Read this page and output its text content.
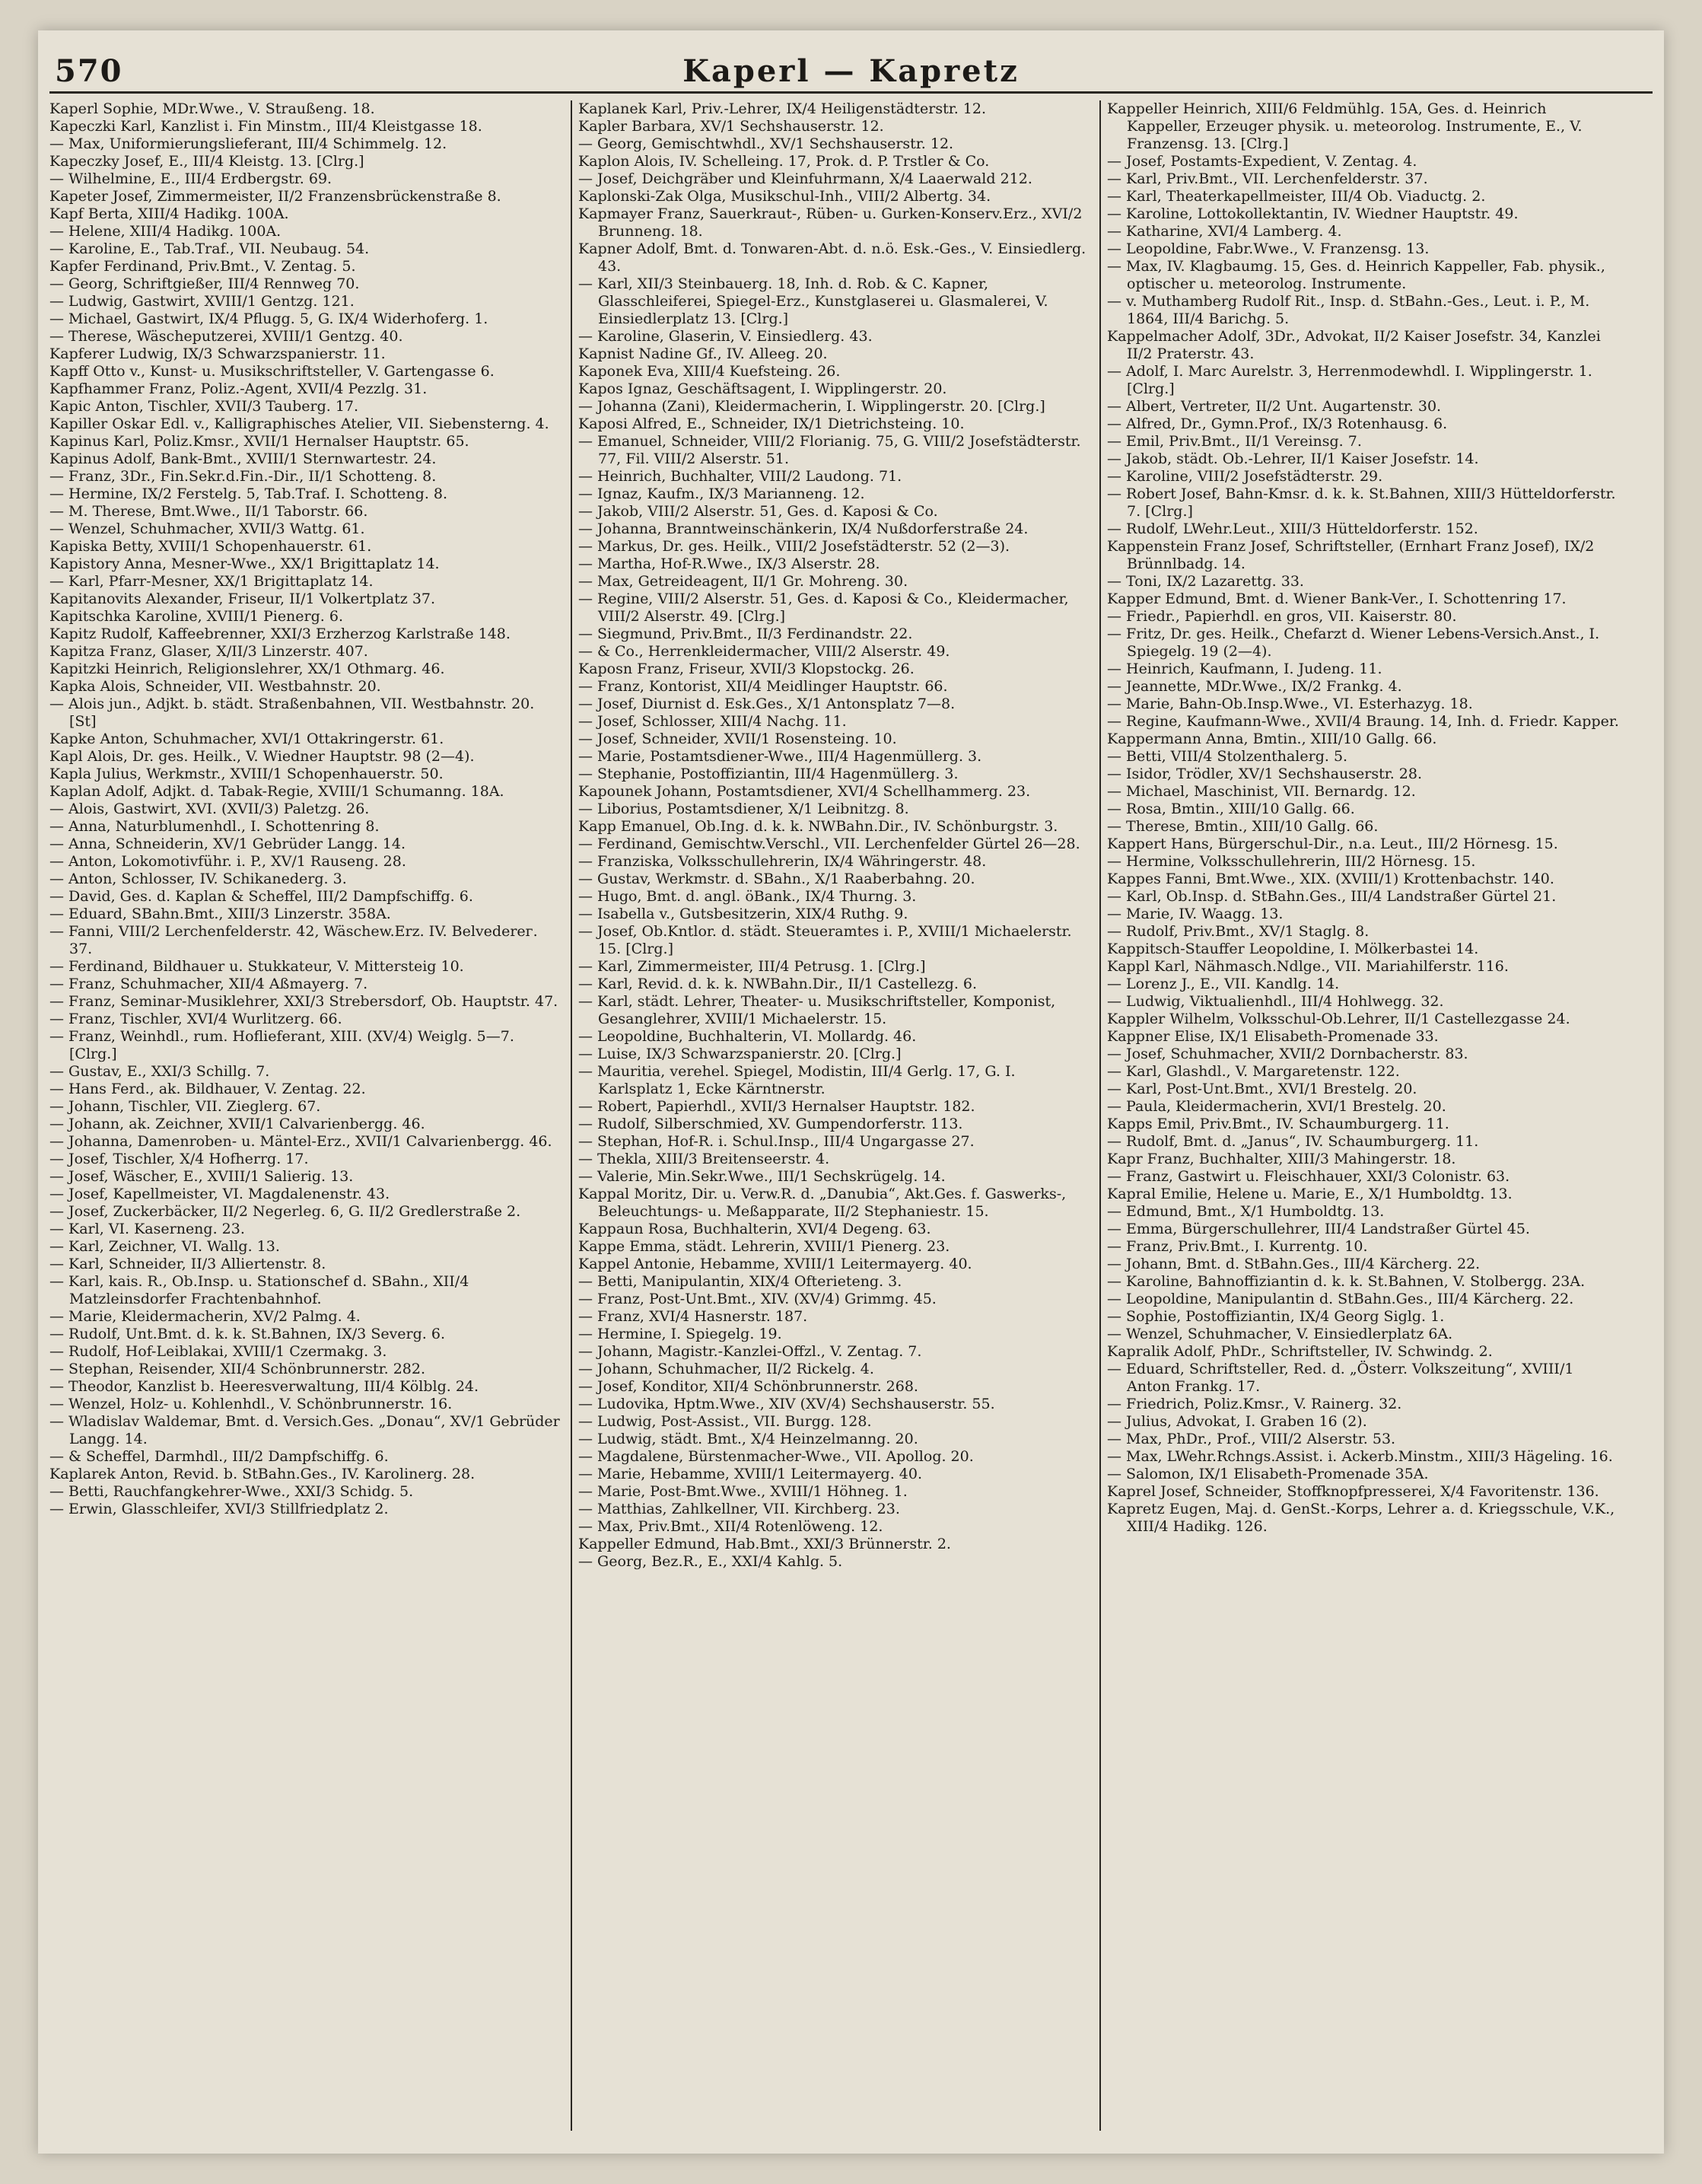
570	Kaperl — Kapretz

Kaperl Sophie, MDr.Wwe., V. Straußeng. 18.

Kapeczki Karl, Kanzlist i. Fin Minstm., III/4 Kleistgasse 18.

— Max, Uniformierungslieferant, III/4 Schimmelg. 12.

Kapeczky Josef, E., III/4 Kleistg. 13. [Clrg.]

— Wilhelmine, E., III/4 Erdbergstr. 69.

Kapeter Josef, Zimmermeister, II/2 Franzensbrückenstraße 8.

Kapf Berta, XIII/4 Hadikg. 100A.

— Helene, XIII/4 Hadikg. 100A.

— Karoline, E., Tab.Traf., VII. Neubaug. 54.

Kapfer Ferdinand, Priv.Bmt., V. Zentag. 5.

— Georg, Schriftgießer, III/4 Rennweg 70.

— Ludwig, Gastwirt, XVIII/1 Gentzg. 121.

— Michael, Gastwirt, IX/4 Pflugg. 5, G. IX/4 Widerhoferg. 1.

— Therese, Wäscheputzerei, XVIII/1 Gentzg. 40.

Kapferer Ludwig, IX/3 Schwarzspanierstr. 11.

Kapff Otto v., Kunst- u. Musikschriftsteller, V. Gartengasse 6.

Kapfhammer Franz, Poliz.-Agent, XVII/4 Pezzlg. 31.

Kapic Anton, Tischler, XVII/3 Tauberg. 17.

Kapiller Oskar Edl. v., Kalligraphisches Atelier, VII. Siebensterng. 4.

Kapinus Karl, Poliz.Kmsr., XVII/1 Hernalser Hauptstr. 65.

Kapinus Adolf, Bank-Bmt., XVIII/1 Sternwartestr. 24.

— Franz, 3Dr., Fin.Sekr.d.Fin.-Dir., II/1 Schotteng. 8.

— Hermine, IX/2 Ferstelg. 5, Tab.Traf. I. Schotteng. 8.

— M. Therese, Bmt.Wwe., II/1 Taborstr. 66.

— Wenzel, Schuhmacher, XVII/3 Wattg. 61.

Kapiska Betty, XVIII/1 Schopenhauerstr. 61.

Kapistory Anna, Mesner-Wwe., XX/1 Brigittaplatz 14.

— Karl, Pfarr-Mesner, XX/1 Brigittaplatz 14.

Kapitanovits Alexander, Friseur, II/1 Volkertplatz 37.

Kapitschka Karoline, XVIII/1 Pienerg. 6.

Kapitz Rudolf, Kaffeebrenner, XXI/3 Erzherzog Karlstraße 148.

Kapitza Franz, Glaser, X/II/3 Linzerstr. 407.

Kapitzki Heinrich, Religionslehrer, XX/1 Othmarg. 46.

Kapka Alois, Schneider, VII. Westbahnstr. 20.

— Alois jun., Adjkt. b. städt. Straßenbahnen, VII. Westbahnstr. 20. [St]

Kapke Anton, Schuhmacher, XVI/1 Ottakringerstr. 61.

Kapl Alois, Dr. ges. Heilk., V. Wiedner Hauptstr. 98 (2—4).

Kapla Julius, Werkmstr., XVIII/1 Schopenhauerstr. 50.

Kaplan Adolf, Adjkt. d. Tabak-Regie, XVIII/1 Schumanng. 18A.

— Alois, Gastwirt, XVI. (XVII/3) Paletzg. 26.

— Anna, Naturblumenhdl., I. Schottenring 8.

— Anna, Schneiderin, XV/1 Gebrüder Langg. 14.

— Anton, Lokomotivführ. i. P., XV/1 Rauseng. 28.

— Anton, Schlosser, IV. Schikanederg. 3.

— David, Ges. d. Kaplan & Scheffel, III/2 Dampfschiffg. 6.

— Eduard, SBahn.Bmt., XIII/3 Linzerstr. 358A.

— Fanni, VIII/2 Lerchenfelderstr. 42, Wäschew.Erz. IV. Belvederег. 37.

— Ferdinand, Bildhauer u. Stukkateur, V. Mittersteig 10.

— Franz, Schuhmacher, XII/4 Aßmayerg. 7.

— Franz, Seminar-Musiklehrer, XXI/3 Strebersdorf, Ob. Hauptstr. 47.

— Franz, Tischler, XVI/4 Wurlitzerg. 66.

— Franz, Weinhdl., rum. Hoflieferant, XIII. (XV/4) Weiglg. 5—7. [Clrg.]

— Gustav, E., XXI/3 Schillg. 7.

— Hans Ferd., ak. Bildhauer, V. Zentag. 22.

— Johann, Tischler, VII. Zieglerg. 67.

— Johann, ak. Zeichner, XVII/1 Calvarienbergg. 46.

— Johanna, Damenroben- u. Mäntel-Erz., XVII/1 Calvarienbergg. 46.

— Josef, Tischler, X/4 Hofherrg. 17.

— Josef, Wäscher, E., XVIII/1 Salierig. 13.

— Josef, Kapellmeister, VI. Magdalenenstr. 43.

— Josef, Zuckerbäcker, II/2 Negerleg. 6, G. II/2 Gredlerstraße 2.

— Karl, VI. Kaserneng. 23.

— Karl, Zeichner, VI. Wallg. 13.

— Karl, Schneider, II/3 Alliertenstr. 8.

— Karl, kais. R., Ob.Insp. u. Stationschef d. SBahn., XII/4 Matzleinsdorfer Frachtenbahnhof.

— Marie, Kleidermacherin, XV/2 Palmg. 4.

— Rudolf, Unt.Bmt. d. k. k. St.Bahnen, IX/3 Severg. 6.

— Rudolf, Hof-Leiblakai, XVIII/1 Czermakg. 3.

— Stephan, Reisender, XII/4 Schönbrunnerstr. 282.

— Theodor, Kanzlist b. Heeresverwaltung, III/4 Kölblg. 24.

— Wenzel, Holz- u. Kohlenhdl., V. Schönbrunnerstr. 16.

— Wladislav Waldemar, Bmt. d. Versich.Ges. „Donau“, XV/1 Gebrüder Langg. 14.

— & Scheffel, Darmhdl., III/2 Dampfschiffg. 6.

Kaplarek Anton, Revid. b. StBahn.Ges., IV. Karolinerg. 28.

— Betti, Rauchfangkehrer-Wwe., XXI/3 Schidg. 5.

— Erwin, Glasschleifer, XVI/3 Stillfriedplatz 2.

Kaplanek Karl, Priv.-Lehrer, IX/4 Heiligenstädterstr. 12.

Kapler Barbara, XV/1 Sechshauserstr. 12.

— Georg, Gemischtwhdl., XV/1 Sechshauserstr. 12.

Kaplon Alois, IV. Schelleing. 17, Prok. d. P. Trstler & Co.

— Josef, Deichgräber und Kleinfuhrmann, X/4 Laaerwald 212.

Kaplonski-Zak Olga, Musikschul-Inh., VIII/2 Albertg. 34.

Kapmayer Franz, Sauerkraut-, Rüben- u. Gurken-Konserv.Erz., XVI/2 Brunneng. 18.

Kapner Adolf, Bmt. d. Tonwaren-Abt. d. n.ö. Esk.-Ges., V. Einsiedlerg. 43.

— Karl, XII/3 Steinbauerg. 18, Inh. d. Rob. & C. Kapner, Glasschleiferei, Spiegel-Erz., Kunstglaserei u. Glasmalerei, V. Einsiedlerplatz 13. [Clrg.]

— Karoline, Glaserin, V. Einsiedlerg. 43.

Kapnist Nadine Gf., IV. Alleeg. 20.

Kaponek Eva, XIII/4 Kuefsteing. 26.

Kapos Ignaz, Geschäftsagent, I. Wipplingerstr. 20.

— Johanna (Zani), Kleidermacherin, I. Wipplingerstr. 20. [Clrg.]

Kaposi Alfred, E., Schneider, IX/1 Dietrichsteing. 10.

— Emanuel, Schneider, VIII/2 Florianig. 75, G. VIII/2 Josefstädterstr. 77, Fil. VIII/2 Alserstr. 51.

— Heinrich, Buchhalter, VIII/2 Laudong. 71.

— Ignaz, Kaufm., IX/3 Marianneng. 12.

— Jakob, VIII/2 Alserstr. 51, Ges. d. Kaposi & Co.

— Johanna, Branntweinschänkerin, IX/4 Nußdorferstraße 24.

— Markus, Dr. ges. Heilk., VIII/2 Josefstädterstr. 52 (2—3).

— Martha, Hof-R.Wwe., IX/3 Alserstr. 28.

— Max, Getreideagent, II/1 Gr. Mohreng. 30.

— Regine, VIII/2 Alserstr. 51, Ges. d. Kaposi & Co., Kleidermacher, VIII/2 Alserstr. 49. [Clrg.]

— Siegmund, Priv.Bmt., II/3 Ferdinandstr. 22.

— & Co., Herrenkleidermacher, VIII/2 Alserstr. 49.

Kaposn Franz, Friseur, XVII/3 Klopstockg. 26.

— Franz, Kontorist, XII/4 Meidlinger Hauptstr. 66.

— Josef, Diurnist d. Esk.Ges., X/1 Antonsplatz 7—8.

— Josef, Schlosser, XIII/4 Nachg. 11.

— Josef, Schneider, XVII/1 Rosensteing. 10.

— Marie, Postamtsdiener-Wwe., III/4 Hagenmüllerg. 3.

— Stephanie, Postoffiziantin, III/4 Hagenmüllerg. 3.

Kapounek Johann, Postamtsdiener, XVI/4 Schellhammerg. 23.

— Liborius, Postamtsdiener, X/1 Leibnitzg. 8.

Kapp Emanuel, Ob.Ing. d. k. k. NWBahn.Dir., IV. Schönburgstr. 3.

— Ferdinand, Gemischtw.Verschl., VII. Lerchenfelder Gürtel 26—28.

— Franziska, Volksschullehrerin, IX/4 Währingerstr. 48.

— Gustav, Werkmstr. d. SBahn., X/1 Raaberbahng. 20.

— Hugo, Bmt. d. angl. öBank., IX/4 Thurng. 3.

— Isabella v., Gutsbesitzerin, XIX/4 Ruthg. 9.

— Josef, Ob.Kntlor. d. städt. Steueramtes i. P., XVIII/1 Michaelerstr. 15. [Clrg.]

— Karl, Zimmermeister, III/4 Petrusg. 1. [Clrg.]

— Karl, Revid. d. k. k. NWBahn.Dir., II/1 Castellezg. 6.

— Karl, städt. Lehrer, Theater- u. Musikschriftsteller, Komponist, Gesanglehrer, XVIII/1 Michaelerstr. 15.

— Leopoldine, Buchhalterin, VI. Mollardg. 46.

— Luise, IX/3 Schwarzspanierstr. 20. [Clrg.]

— Mauritia, verehel. Spiegel, Modistin, III/4 Gerlg. 17, G. I. Karlsplatz 1, Ecke Kärntnerstr.

— Robert, Papierhdl., XVII/3 Hernalser Hauptstr. 182.

— Rudolf, Silberschmied, XV. Gumpendorferstr. 113.

— Stephan, Hof-R. i. Schul.Insp., III/4 Ungargasse 27.

— Thekla, XIII/3 Breitenseerstr. 4.

— Valerie, Min.Sekr.Wwe., III/1 Sechskrügelg. 14.

Kappal Moritz, Dir. u. Verw.R. d. „Danubia“, Akt.Ges. f. Gaswerks-, Beleuchtungs- u. Meßapparate, II/2 Stephaniestr. 15.

Kappaun Rosa, Buchhalterin, XVI/4 Degeng. 63.

Kappe Emma, städt. Lehrerin, XVIII/1 Pienerg. 23.

Kappel Antonie, Hebamme, XVIII/1 Leitermayerg. 40.

— Betti, Manipulantin, XIX/4 Ofterieteng. 3.

— Franz, Post-Unt.Bmt., XIV. (XV/4) Grimmg. 45.

— Franz, XVI/4 Hasnerstr. 187.

— Hermine, I. Spiegelg. 19.

— Johann, Magistr.-Kanzlei-Offzl., V. Zentag. 7.

— Johann, Schuhmacher, II/2 Rickelg. 4.

— Josef, Konditor, XII/4 Schönbrunnerstr. 268.

— Ludovika, Hptm.Wwe., XIV (XV/4) Sechshauserstr. 55.

— Ludwig, Post-Assist., VII. Burgg. 128.

— Ludwig, städt. Bmt., X/4 Heinzelmanng. 20.

— Magdalene, Bürstenmacher-Wwe., VII. Apollog. 20.

— Marie, Hebamme, XVIII/1 Leitermayerg. 40.

— Marie, Post-Bmt.Wwe., XVIII/1 Höhneg. 1.

— Matthias, Zahlkellner, VII. Kirchberg. 23.

— Max, Priv.Bmt., XII/4 Rotenlöweng. 12.

Kappeller Edmund, Hab.Bmt., XXI/3 Brünnerstr. 2.

— Georg, Bez.R., E., XXI/4 Kahlg. 5.

Kappeller Heinrich, XIII/6 Feldmühlg. 15A, Ges. d. Heinrich Kappeller, Erzeuger physik. u. meteorolog. Instrumente, E., V. Franzensg. 13. [Clrg.]

— Josef, Postamts-Expedient, V. Zentag. 4.

— Karl, Priv.Bmt., VII. Lerchenfelderstr. 37.

— Karl, Theaterkapellmeister, III/4 Ob. Viaductg. 2.

— Karoline, Lottokollektantin, IV. Wiedner Hauptstr. 49.

— Katharine, XVI/4 Lamberg. 4.

— Leopoldine, Fabr.Wwe., V. Franzensg. 13.

— Max, IV. Klagbaumg. 15, Ges. d. Heinrich Kappeller, Fab. physik., optischer u. meteorolog. Instrumente.

— v. Muthamberg Rudolf Rit., Insp. d. StBahn.-Ges., Leut. i. P., M. 1864, III/4 Barichg. 5.

Kappelmacher Adolf, 3Dr., Advokat, II/2 Kaiser Josefstr. 34, Kanzlei II/2 Praterstr. 43.

— Adolf, I. Marc Aurelstr. 3, Herrenmodewhdl. I. Wipplingerstr. 1. [Clrg.]

— Albert, Vertreter, II/2 Unt. Augartenstr. 30.

— Alfred, Dr., Gymn.Prof., IX/3 Rotenhausg. 6.

— Emil, Priv.Bmt., II/1 Vereinsg. 7.

— Jakob, städt. Ob.-Lehrer, II/1 Kaiser Josefstr. 14.

— Karoline, VIII/2 Josefstädterstr. 29.

— Robert Josef, Bahn-Kmsr. d. k. k. St.Bahnen, XIII/3 Hütteldorferstr. 7. [Clrg.]

— Rudolf, LWehr.Leut., XIII/3 Hütteldorferstr. 152.

Kappenstein Franz Josef, Schriftsteller, (Ernhart Franz Josef), IX/2 Brünnlbadg. 14.

— Toni, IX/2 Lazarettg. 33.

Kapper Edmund, Bmt. d. Wiener Bank-Ver., I. Schottenring 17.

— Friedr., Papierhdl. en gros, VII. Kaiserstr. 80.

— Fritz, Dr. ges. Heilk., Chefarzt d. Wiener Lebens-Versich.Anst., I. Spiegelg. 19 (2—4).

— Heinrich, Kaufmann, I. Judeng. 11.

— Jeannette, MDr.Wwe., IX/2 Frankg. 4.

— Marie, Bahn-Ob.Insp.Wwe., VI. Esterhazyg. 18.

— Regine, Kaufmann-Wwe., XVII/4 Braung. 14, Inh. d. Friedr. Kapper.

Kappermann Anna, Bmtin., XIII/10 Gallg. 66.

— Betti, VIII/4 Stolzenthalerg. 5.

— Isidor, Trödler, XV/1 Sechshauserstr. 28.

— Michael, Maschinist, VII. Bernardg. 12.

— Rosa, Bmtin., XIII/10 Gallg. 66.

— Therese, Bmtin., XIII/10 Gallg. 66.

Kappert Hans, Bürgerschul-Dir., n.a. Leut., III/2 Hörnesg. 15.

— Hermine, Volksschullehrerin, III/2 Hörnesg. 15.

Kappes Fanni, Bmt.Wwe., XIX. (XVIII/1) Krottenbachstr. 140.

— Karl, Ob.Insp. d. StBahn.Ges., III/4 Landstraßer Gürtel 21.

— Marie, IV. Waagg. 13.

— Rudolf, Priv.Bmt., XV/1 Staglg. 8.

Kappitsch-Stauffer Leopoldine, I. Mölkerbastei 14.

Kappl Karl, Nähmasch.Ndlge., VII. Mariahilferstr. 116.

— Lorenz J., E., VII. Kandlg. 14.

— Ludwig, Viktualienhdl., III/4 Hohlwegg. 32.

Kappler Wilhelm, Volksschul-Ob.Lehrer, II/1 Castellezgasse 24.

Kappner Elise, IX/1 Elisabeth-Promenade 33.

— Josef, Schuhmacher, XVII/2 Dornbacherstr. 83.

— Karl, Glashdl., V. Margaretenstr. 122.

— Karl, Post-Unt.Bmt., XVI/1 Brestelg. 20.

— Paula, Kleidermacherin, XVI/1 Brestelg. 20.

Kapps Emil, Priv.Bmt., IV. Schaumburgerg. 11.

— Rudolf, Bmt. d. „Janus“, IV. Schaumburgerg. 11.

Kapr Franz, Buchhalter, XIII/3 Mahingerstr. 18.

— Franz, Gastwirt u. Fleischhauer, XXI/3 Colonistr. 63.

Kapral Emilie, Helene u. Marie, E., X/1 Humboldtg. 13.

— Edmund, Bmt., X/1 Humboldtg. 13.

— Emma, Bürgerschullehrer, III/4 Landstraßer Gürtel 45.

— Franz, Priv.Bmt., I. Kurrentg. 10.

— Johann, Bmt. d. StBahn.Ges., III/4 Kärcherg. 22.

— Karoline, Bahnoffiziantin d. k. k. St.Bahnen, V. Stolbergg. 23A.

— Leopoldine, Manipulantin d. StBahn.Ges., III/4 Kärcherg. 22.

— Sophie, Postoffiziantin, IX/4 Georg Siglg. 1.

— Wenzel, Schuhmacher, V. Einsiedlerplatz 6A.

Kapralik Adolf, PhDr., Schriftsteller, IV. Schwindg. 2.

— Eduard, Schriftsteller, Red. d. „Österr. Volkszeitung“, XVIII/1 Anton Frankg. 17.

— Friedrich, Poliz.Kmsr., V. Rainerg. 32.

— Julius, Advokat, I. Graben 16 (2).

— Max, PhDr., Prof., VIII/2 Alserstr. 53.

— Max, LWehr.Rchngs.Assist. i. Ackerb.Minstm., XIII/3 Hägeling. 16.

— Salomon, IX/1 Elisabeth-Promenade 35A.

Kaprel Josef, Schneider, Stoffknopfpresserei, X/4 Favoritenstr. 136.

Kapretz Eugen, Maj. d. GenSt.-Korps, Lehrer a. d. Kriegsschule, V.K., XIII/4 Hadikg. 126.
